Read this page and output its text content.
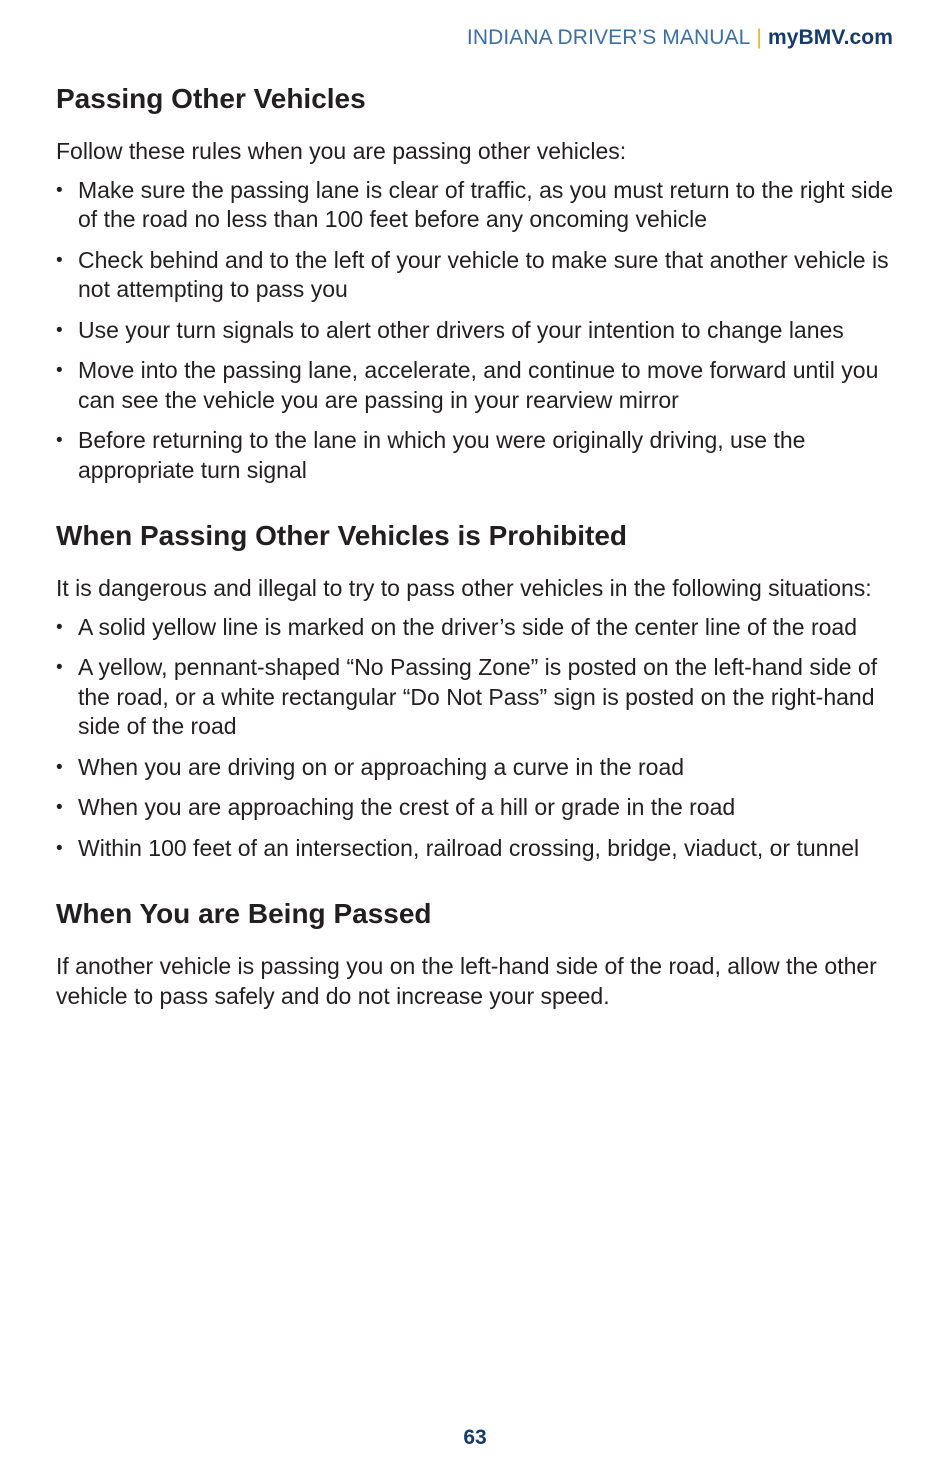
INDIANA DRIVER’S MANUAL | myBMV.com
Passing Other Vehicles

Follow these rules when you are passing other vehicles:

• Make sure the passing lane is clear of traffic, as you must return to the right side of the road no less than 100 feet before any oncoming vehicle
• Check behind and to the left of your vehicle to make sure that another vehicle is not attempting to pass you
• Use your turn signals to alert other drivers of your intention to change lanes
• Move into the passing lane, accelerate, and continue to move forward until you can see the vehicle you are passing in your rearview mirror
• Before returning to the lane in which you were originally driving, use the appropriate turn signal
When Passing Other Vehicles is Prohibited

It is dangerous and illegal to try to pass other vehicles in the following situations:

• A solid yellow line is marked on the driver’s side of the center line of the road
• A yellow, pennant-shaped “No Passing Zone” is posted on the left-hand side of the road, or a white rectangular “Do Not Pass” sign is posted on the right-hand side of the road
• When you are driving on or approaching a curve in the road
• When you are approaching the crest of a hill or grade in the road
• Within 100 feet of an intersection, railroad crossing, bridge, viaduct, or tunnel
When You are Being Passed

If another vehicle is passing you on the left-hand side of the road, allow the other vehicle to pass safely and do not increase your speed.

63
